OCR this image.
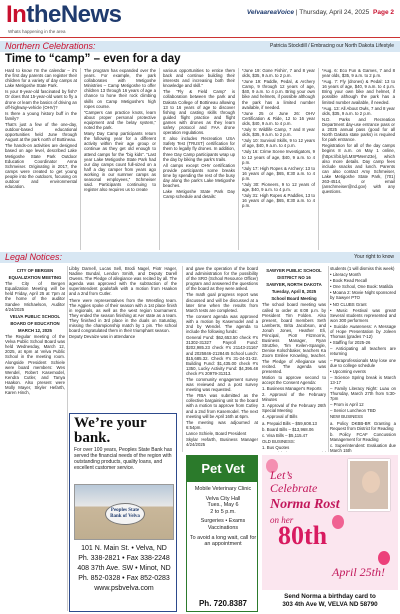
IntheNews
Whats happening in the area
VelvaareaVoice | Thursday, April 24, 2025 Page 2
Northern Celebrations:	Patricia Stockdill / Embracing our North Dakota Lifestyle
Time to “camp” – even for a day

Hard to know I'm the calendar – it's the first day parents can register their children for a variety of day camps at Lake Metigoshe State Park.

Is your 8-year-old fascinated by fish? Or does that 15-year-old want to fly a drone or learn the basics of driving an off-highway-vehicle (OHV)?

Is there a young history buff in the family?

That's just a few of the one-day, outdoor-based educational opportunities held June through August at the park north of Bottineau.

The hands-on activities are designed based on age level, described Lake Metigoshe State Park Outdoor Education Coordinator Anna Schmeiser. Originating in 2017, the camps were created to get young people into the outdoors, focusing on outdoor and environmental education.

The program has expanded over the years. For example, the park collaborates with Metigoshe Ministries – Camp Metigoshe to offer children 13 through 16 years of age a chance to hone their rock climbing skills on Camp Metigoshe's high ropes course.

“Campers can practice knots, learn about proper personal protective equipment and the belay system,” noted the park.

Many Day Camp participants return the following year for a different activity within their age group or continue as they get old enough to attend camps for the “big kids”. “Last year Lake Metigoshe State Park had our day camps count full-sized on a half a day camper from years ago working in our summer camps as seasonal employees,” Schmeiser said. Participants continuing to register also requires us to create

various opportunities to entice them back and continue building their interests and increasing both their knowledge and skill.”

The “Fly & Field Camp” is collaboration between the park and Dakota College of Bottineau allowing 13 to 16 years of age to discover fishing and casting skills through guided flight practice and flight games with drones as they learn safety protocol and FAA drone operation regulations.

It also includes Recreation USA Safety Test (TRUST) certification for them to legally fly drones. In addition, three Day Camp participants wrap up the day by biking the park's trails.

All camps except OHV certification provide participants some breaks time by spending the rest of the busy day along the park's Lake Metigoshe beaches.

Lake Metigoshe State Park Day Camp schedule and details:

*June 19: Gone Fishin', 7 and 8 year olds, $35, 9 a.m. to 2 p.m.

*June 19: Paddle, Pedal, & Archery Camp, 9 through 12 years of age, $40, 9 a.m. to 4 p.m. Bring your own bike and helmets, if possible although the park has a limited number available, if needed.

*June 25 or June 26: OHV Certification & Ride, 12 to 16 year olds, $40, 9 a.m. to 4 p.m.

*July 9: Wildlife Camp, 7 and 8 year olds, $35, 9 a.m. to 2 p.m.

*July 10: Survival Skills, 9 to 12 years of age, $40, 9 a.m. to 4 p.m.

*July 16: Crime Scene Investigators, 9 to 12 years of age, $40, 9 a.m. to 4 p.m.

*July 17: High Ropes & Archery: 13 to 16 years of age, $65, 8:30 a.m. to 4 p.m.

*July 30: Pioneers, 9 to 12 years of age, $40, 9 a.m. to 4 p.m.

*July 31: High Ropes & Paddles, 13 to 16 years of age, $65, 8:30 a.m. to 4 p.m.

*Aug. 6: Eco Fun & Games, 7 and 8 year olds, $35, 9 a.m. to 2 p.m.

*Aug. 7: Fly (drones) & Pedal: 13 to 16 years of age, $40, 9 a.m. to 4 p.m. Bring your own bike and helmet, if possible although the park has a limited number available, if needed.

*Aug. 13: All About Owls, 7 and 8 year olds, $35, 9 a.m. to 2 p.m.

N.D. Parks and Recreation Department day-use entrance pass or a 2025 annual pass (good for all North Dakota state parks) is required for park entrance.

Registration for all of the day camps begins 8 a.m. on May 1 online, (https://bit.ly/LMSPMem23e), which also more details. Day camp fees include snacks and lunch. Parents can also contact Amy Schmeiser, Lake Metigoshe State Park, (701) 263-4514, or email (anschmeiser@nd.gov) with any questions.

Legal Notices:	Your right to know

CITY OF BERGEN

EQUALIZATION MEETING

The City of Bergen Equalization Meeting will be held Friday, April 25 at 7pm at the home of the auditor Sandee Michaelson, Auditor 4/24/2025

VELVA PUBLIC SCHOOL

BOARD OF EDUCATION

MARCH 12, 2025

The Regular meeting of the Velva Public School Board was held Wednesday, March 12, 2025, at 6pm at Velva Public School in the meeting room. Alongside President Schiele were board members: Wes Wendel, Robert Kasemodel, Kendra Cutler, and Tanya Haakon. Also present were Molly Mayer, Skyler Hefarth, Karen Hinch,

Libby Darnell, Lucas Sell, Brodi Nagel, Piotr Hager, Nadine Bundal, Lendon Smith, and Deputy Darell Owens. The Pledge of allegiance was recited by all. The agenda was approved with the subtraction of the superintendent goals/talk with a motion from Haakon and a 2nd from Cutler.

There were representatives from the Wrestling team. The Aggies spoke of their season with a 1st place finish in regionals, as well as the west region tournament. They ended the season finishing at Aer state as a team. They finished in 3rd place in the duals on Saturday, missing the championship match by 1 pin. The school board congratulated them in their triumphant season.

Deputy Devaize was in attendance

and gave the operation of the board and administration for the possibility of the SRO (School Resource Officer) program and answered the questions of the board as they were asked.

The math goal progress report was discussed and will be discussed at a later time when the results from March tests are completed.

The consent agenda was approved with a motion by Kasemodel and a 2nd by Wendel. The agenda to include the following funds:

General Fund: $62,653.50 check #'s 31302-31327 Payroll Fund: $202,985.23 check #'s 21143-21167 and 2025846-2128445 School Lunch: $15,685.32. Check #'s 31-24-31-32. Building Fund: $1,435.00 check #'s 1350, Lucky Activity Fund: $4,396.48 check #'s 20979-31313.

The community engagement survey was reviewed and a post survey meeting was requested.

The RBA was submitted as the collective bargaining unit to the board with a motion to approve from Cutley and a 2nd from Kasemodel. The next meeting will be April 16th at 6pm.

The meeting was adjourned at 6:54pm.

Lance Schiele, Board President

Skylar Hefarth, Business Manager 4/24/2025

SAWYER PUBLIC SCHOOL

DISTRICT NO 16

SAWYER, NORTH DAKOTA

Tuesday, April 8, 2025

School Board Meeting

The school board meeting was called to order at 6:08 p.m. by President Tim Folden. Also present, board members Seth Lamberts, Brita Jacobson, and Jonah Jones, Heather Eli, Principal, Piotr Fitzmorris, Business Manager, Ryan Strutzke, Tim Kvilen-Spangle, Denise Kolschbaker, teachers Ka Zoom Emilee Knowling, teacher. The Pledge of Allegiance was recited. The agenda was presented.

Motion to approve second to accept the Consent Agenda:

1. Business Manager's Reports

2. Approval of the February Minutes

3. Approval of the February 26th Special Meeting

4. Approval of Bills

a. Prepaid Bills – $59,608.13

b. Board Bills – $13,968.06

c. Visa Bills – $5,115.47

OLD BUSINESS:

1. Bus Quotes

students (1 will dismiss this week)

• Literacy Month

• Book Read Recall

• One School, One Book: Matilda

• Moana 2: Movie Night sponsored by Sawyer PTO

• NO CLUBS Grant

• Music Festival was great! Several students represented and won 300 performers

• Suicide Awareness: A Message of Hope Presentation by Joleen Thomas (grades 7-12)

• Staffing for 2025-26

– Anticipating all teachers are returning

– Paraprofessionals May lose one due to college schedule

• Upcoming events

– Science Spring break is March 13-17

– Family Literacy Night: Luau on Thursday, March 27th from 5:30-7pm

– Prom is April 12

– Senior Luncheon TBD

NEW BUSINESS

a. Policy DKBB-BR Granting a Request from District for Reading

b. Policy FCAF Concussion Management for Reading

c. Superintendent: Evaluation due March 15th

We’re your bank.
For over 100 years, Peoples State Bank has served the financial needs of the region with outstanding products, quality loans, and excellent customer service.
Peoples State Bank of Velva
101 N. Main St. • Velva, ND
Ph. 338-2821 • Fax 338-2248
408 37th Ave. SW • Minot, ND
Ph. 852-0328 • Fax 852-0283
www.psbvelva.com
Pet Vet
Mobile Veterinary Clinic
Velva City Hall
Tues., May 6
2 to 5 p.m.
Surgeries • Exams
Vaccinations
To avoid a long wait, call for an appointment
Ph. 720.8387
Let’s
Celebrate
Norma Rost
on her
80th
April 25th!
Send Norma a birthday card to
303 4th Ave W, VELVA ND 58790
